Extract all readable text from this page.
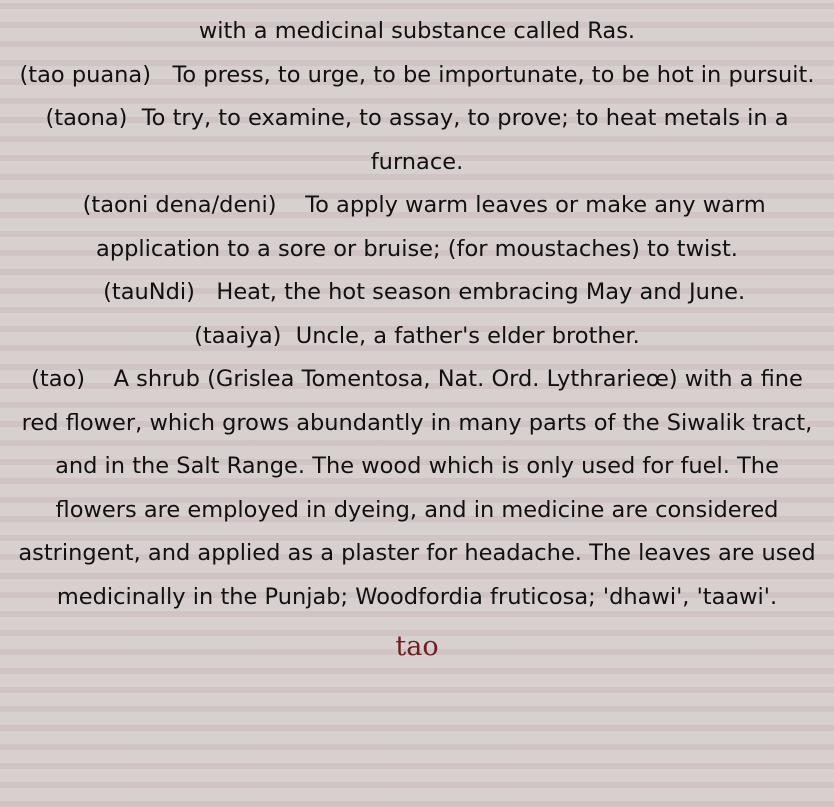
with a medicinal substance called Ras.

(tao puana) To press, to urge, to be importunate, to be hot in pursuit.

(taona) To try, to examine, to assay, to prove; to heat metals in a furnace.

(taoni dena/deni) To apply warm leaves or make any warm application to a sore or bruise; (for moustaches) to twist.

(tauNdi) Heat, the hot season embracing May and June.

(taaiya) Uncle, a father's elder brother.

(tao) A shrub (Grislea Tomentosa, Nat. Ord. Lythrarieœ) with a fine red flower, which grows abundantly in many parts of the Siwalik tract, and in the Salt Range. The wood which is only used for fuel. The flowers are employed in dyeing, and in medicine are considered astringent, and applied as a plaster for headache. The leaves are used medicinally in the Punjab; Woodfordia fruticosa; 'dhawi', 'taawi'.

tao
